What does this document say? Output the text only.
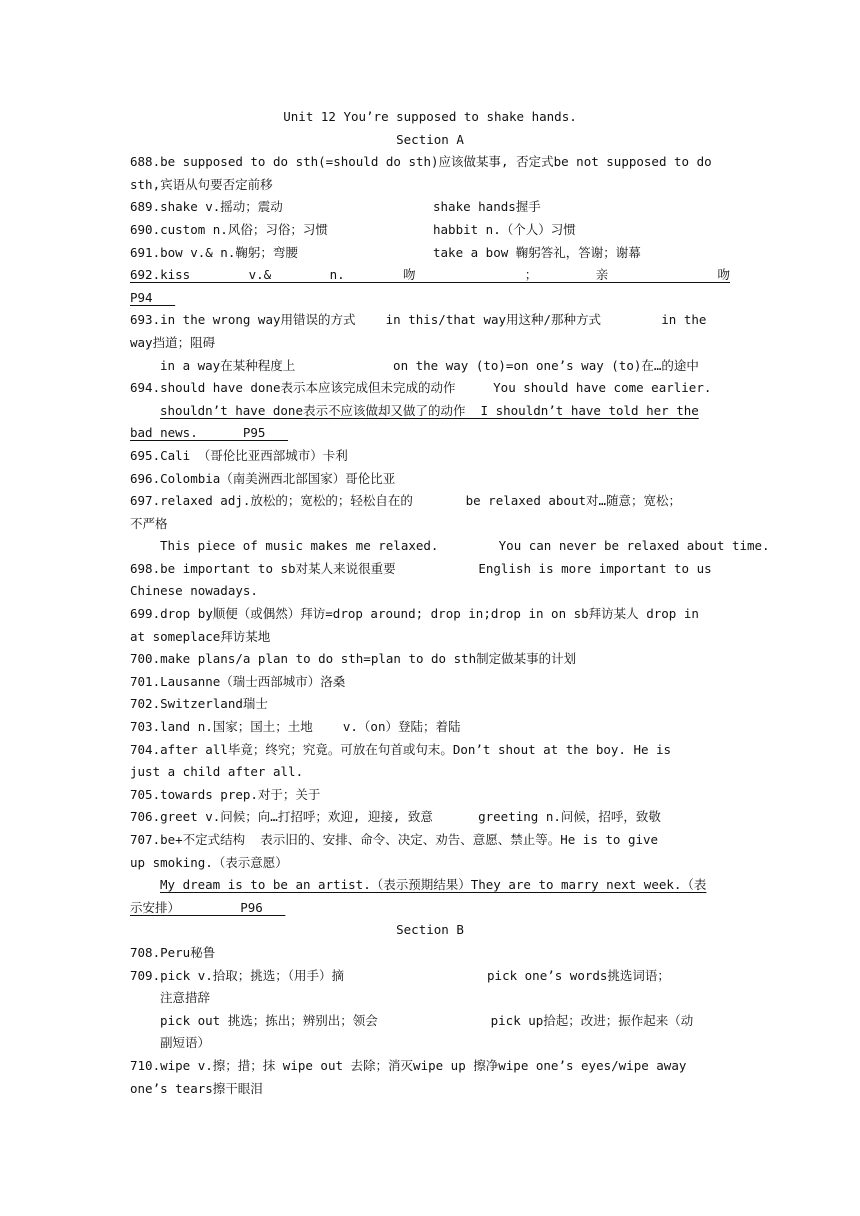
Unit 12 You’re supposed to shake hands.
Section A
688.be supposed to do sth(=should do sth)应该做某事, 否定式be not supposed to do
sth,宾语从句要否定前移
689.shake v.摇动；震动	shake hands握手
690.custom n.风俗；习俗；习惯	habbit n.（个人）习惯
691.bow v.& n.鞠躬；弯腰	take a bow 鞠躬答礼，答谢；谢幕
692.kiss v.& n. 吻 ； 亲 吻
P94
693.in the wrong way用错误的方式    in this/that way用这种/那种方式        in the
way挡道；阻碍
in a way在某种程度上             on the way (to)=on one’s way (to)在…的途中
694.should have done表示本应该完成但未完成的动作     You should have come earlier.
shouldn’t have done表示不应该做却又做了的动作  I shouldn’t have told her the
bad news.      P95
695.Cali （哥伦比亚西部城市）卡利
696.Colombia（南美洲西北部国家）哥伦比亚
697.relaxed adj.放松的；宽松的；轻松自在的       be relaxed about对…随意；宽松；
不严格
This piece of music makes me relaxed.        You can never be relaxed about time.
698.be important to sb对某人来说很重要           English is more important to us
Chinese nowadays.
699.drop by顺便（或偶然）拜访=drop around; drop in;drop in on sb拜访某人 drop in
at someplace拜访某地
700.make plans/a plan to do sth=plan to do sth制定做某事的计划
701.Lausanne（瑞士西部城市）洛桑
702.Switzerland瑞士
703.land n.国家；国土；土地    v.（on）登陆；着陆
704.after all毕竟；终究；究竟。可放在句首或句末。Don’t shout at the boy. He is
just a child after all.
705.towards prep.对于；关于
706.greet v.问候；向…打招呼；欢迎, 迎接, 致意      greeting n.问候，招呼，致敬
707.be+不定式结构  表示旧的、安排、命令、决定、劝告、意愿、禁止等。He is to give
up smoking.（表示意愿）
My dream is to be an artist.（表示预期结果）They are to marry next week.（表
示安排）        P96
Section B
708.Peru秘鲁
709.pick v.拾取；挑选；（用手）摘                   pick one’s words挑选词语；
注意措辞
pick out 挑选；拣出；辨别出；领会               pick up拾起；改进；振作起来（动
副短语）
710.wipe v.擦；措；抹 wipe out 去除；消灭wipe up 擦净wipe one’s eyes/wipe away
one’s tears擦干眼泪
